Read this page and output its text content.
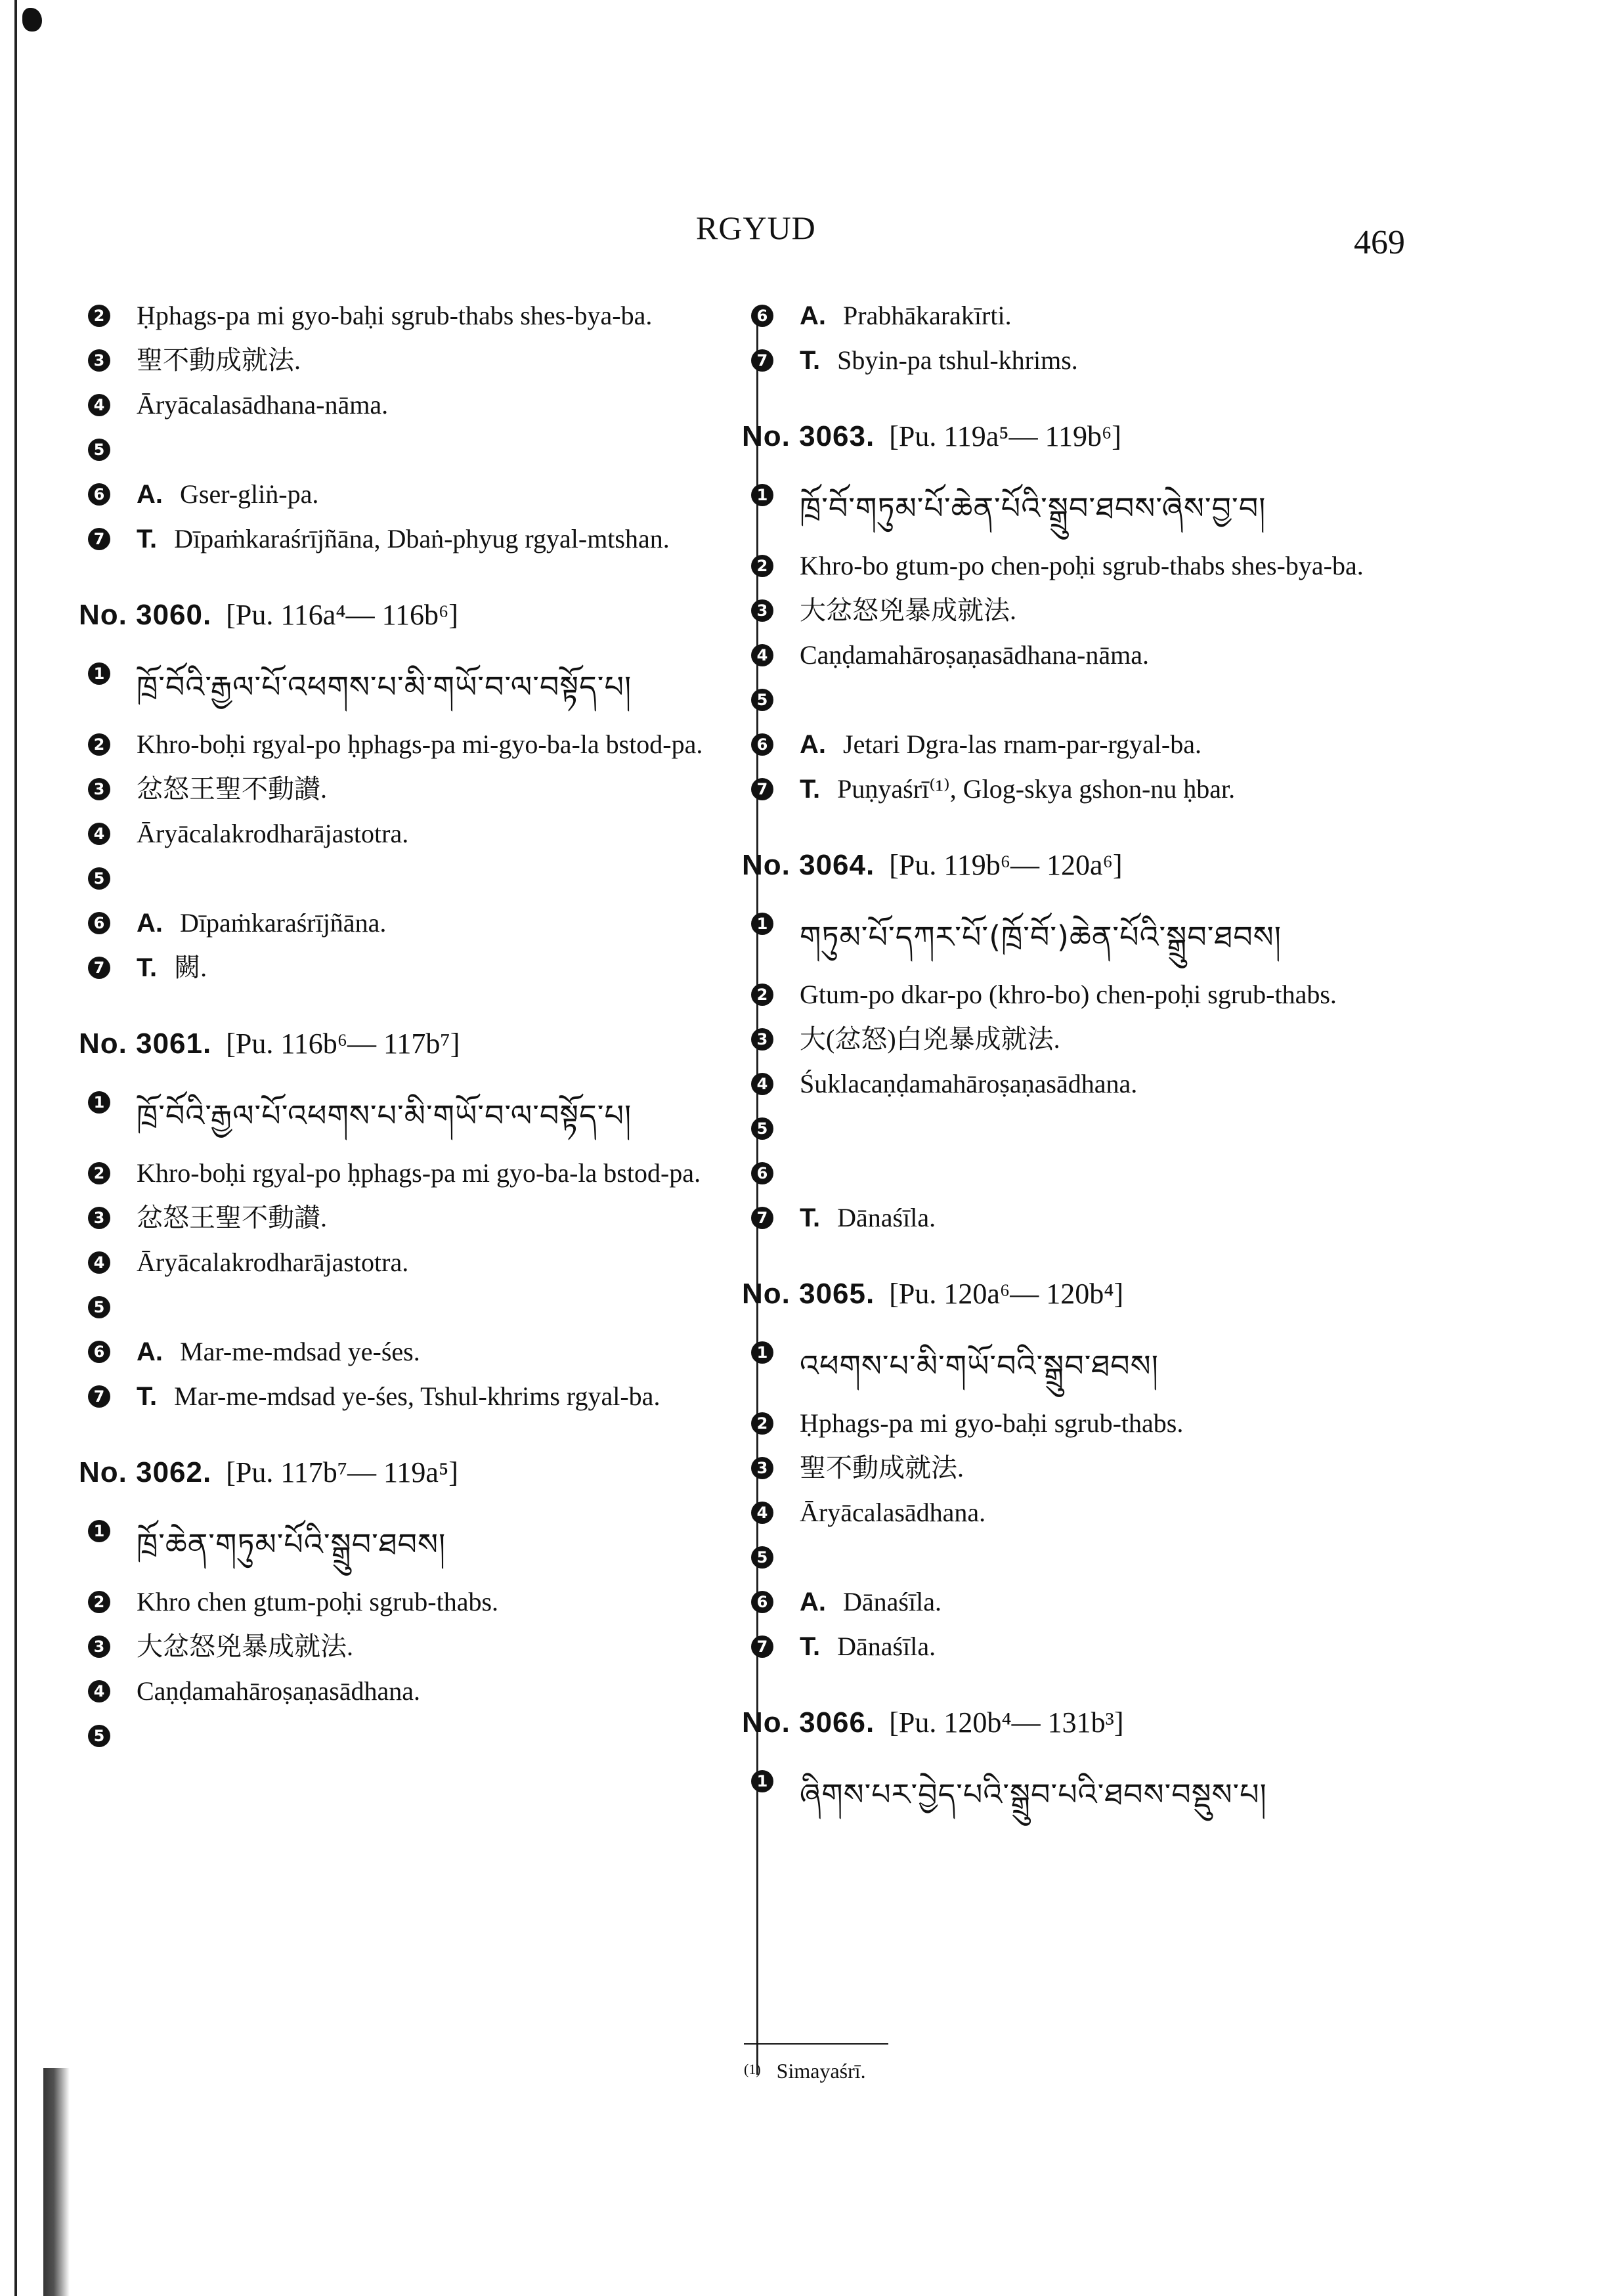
RGYUD	469
2 Ḥphags-pa mi gyo-baḥi sgrub-thabs shes-bya-ba.
3 聖不動成就法.
4 Āryācalasādhana-nāma.
5
6 A. Gser-gliṅ-pa.
7 T. Dīpaṁkaraśrījñāna, Dbaṅ-phyug rgyal-mtshan.
No. 3060. [Pu. 116a⁴— 116b⁶]
1 ཁྲོ་བོའི་རྒྱལ་པོ་འཕགས་པ་མི་གཡོ་བ་ལ་བསྟོད་པ།
2 Khro-boḥi rgyal-po ḥphags-pa mi-gyo-ba-la bstod-pa.
3 忿怒王聖不動讃.
4 Āryācalakrodharājastotra.
5
6 A. Dīpaṁkaraśrījñāna.
7 T. 闕.
No. 3061. [Pu. 116b⁶— 117b⁷]
1 ཁྲོ་བོའི་རྒྱལ་པོ་འཕགས་པ་མི་གཡོ་བ་ལ་བསྟོད་པ།
2 Khro-boḥi rgyal-po ḥphags-pa mi gyo-ba-la bstod-pa.
3 忿怒王聖不動讃.
4 Āryācalakrodharājastotra.
5
6 A. Mar-me-mdsad ye-śes.
7 T. Mar-me-mdsad ye-śes, Tshul-khrims rgyal-ba.
No. 3062. [Pu. 117b⁷— 119a⁵]
1 ཁྲོ་ཆེན་གཏུམ་པོའི་སྒྲུབ་ཐབས།
2 Khro chen gtum-poḥi sgrub-thabs.
3 大忿怒兇暴成就法.
4 Caṇḍamahāroṣaṇasādhana.
5
6 A. Prabhākarakīrti.
7 T. Sbyin-pa tshul-khrims.
No. 3063. [Pu. 119a⁵— 119b⁶]
1 ཁྲོ་བོ་གཏུམ་པོ་ཆེན་པོའི་སྒྲུབ་ཐབས་ཞེས་བྱ་བ།
2 Khro-bo gtum-po chen-poḥi sgrub-thabs shes-bya-ba.
3 大忿怒兇暴成就法.
4 Caṇḍamahāroṣaṇasādhana-nāma.
5
6 A. Jetari Dgra-las rnam-par-rgyal-ba.
7 T. Puṇyaśrī⁽¹⁾, Glog-skya gshon-nu ḥbar.
No. 3064. [Pu. 119b⁶— 120a⁶]
1 གཏུམ་པོ་དཀར་པོ་(ཁྲོ་བོ་)ཆེན་པོའི་སྒྲུབ་ཐབས།
2 Gtum-po dkar-po (khro-bo) chen-poḥi sgrub-thabs.
3 大(忿怒)白兇暴成就法.
4 Śuklacaṇḍamahāroṣaṇasādhana.
5
6
7 T. Dānaśīla.
No. 3065. [Pu. 120a⁶— 120b⁴]
1 འཕགས་པ་མི་གཡོ་བའི་སྒྲུབ་ཐབས།
2 Ḥphags-pa mi gyo-baḥi sgrub-thabs.
3 聖不動成就法.
4 Āryācalasādhana.
5
6 A. Dānaśīla.
7 T. Dānaśīla.
No. 3066. [Pu. 120b⁴— 131b³]
1 ཞིགས་པར་བྱེད་པའི་སྒྲུབ་པའི་ཐབས་བསྡུས་པ།
(1) Simayaśrī.
